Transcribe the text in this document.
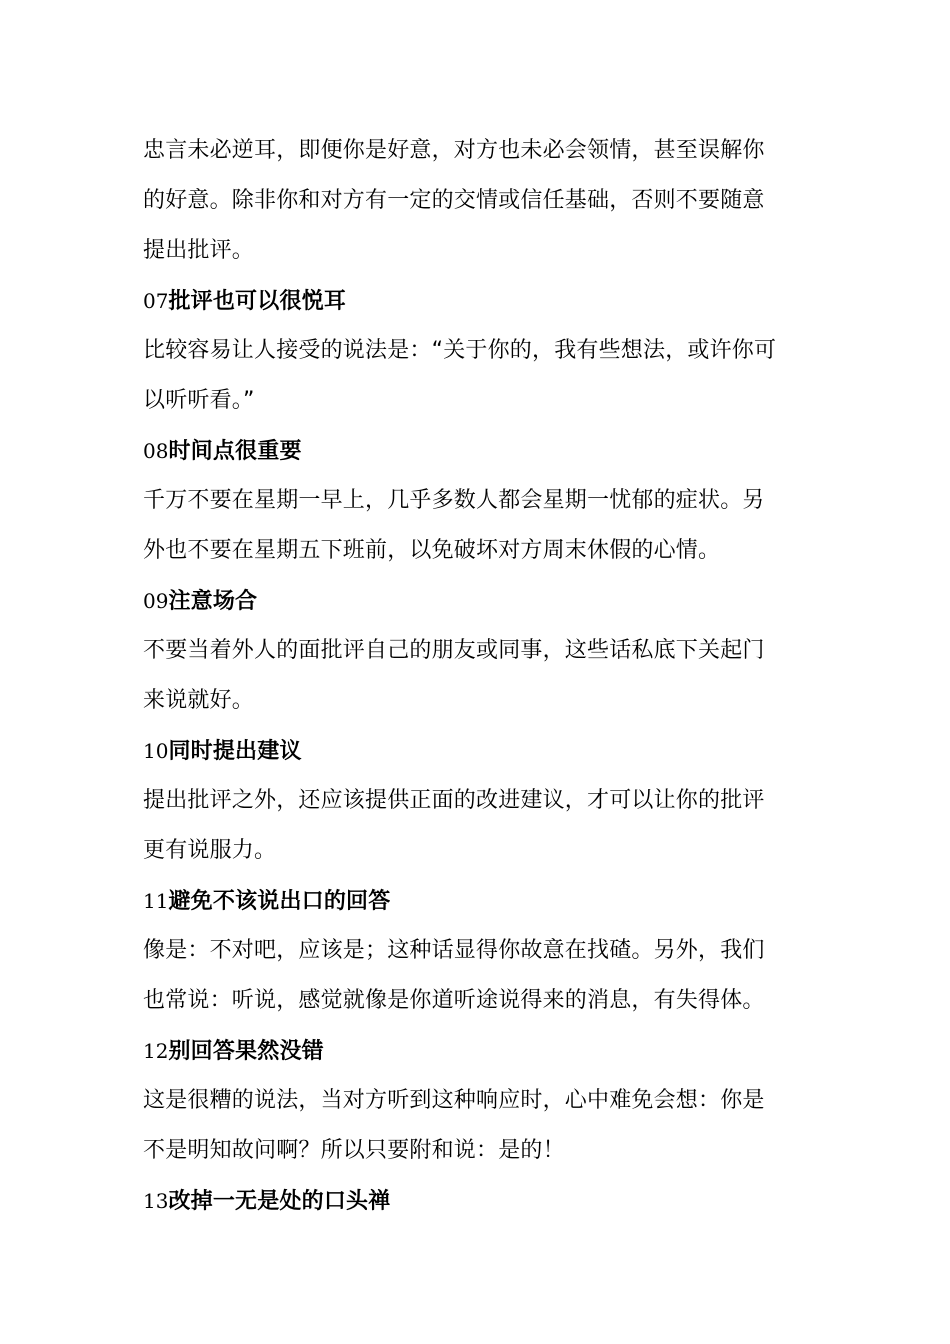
忠言未必逆耳，即便你是好意，对方也未必会领情，甚至误解你
的好意。除非你和对方有一定的交情或信任基础，否则不要随意
提出批评。
07批评也可以很悦耳
比较容易让人接受的说法是：“关于你的，我有些想法，或许你可
以听听看。”
08时间点很重要
千万不要在星期一早上，几乎多数人都会星期一忧郁的症状。另
外也不要在星期五下班前，以免破坏对方周末休假的心情。
09注意场合
不要当着外人的面批评自己的朋友或同事，这些话私底下关起门
来说就好。
10同时提出建议
提出批评之外，还应该提供正面的改进建议，才可以让你的批评
更有说服力。
11避免不该说出口的回答
像是：不对吧，应该是；这种话显得你故意在找碴。另外，我们
也常说：听说，感觉就像是你道听途说得来的消息，有失得体。
12别回答果然没错
这是很糟的说法，当对方听到这种响应时，心中难免会想：你是
不是明知故问啊？所以只要附和说：是的！
13改掉一无是处的口头禅
